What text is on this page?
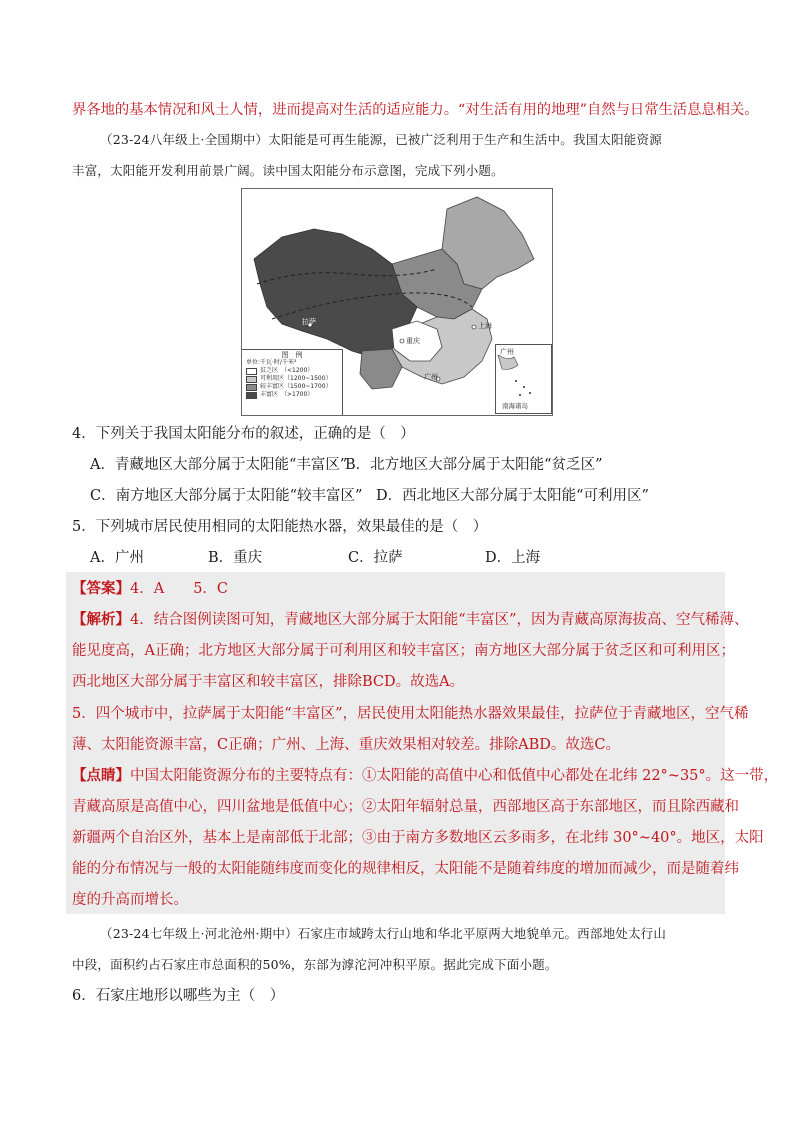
界各地的基本情况和风土人情，进而提高对生活的适应能力。“对生活有用的地理”自然与日常生活息息相关。
（23-24八年级上·全国期中）太阳能是可再生能源，已被广泛利用于生产和生活中。我国太阳能资源
丰富，太阳能开发利用前景广阔。读中国太阳能分布示意图，完成下列小题。
拉萨
重庆
上海
广州
图　例
单位:千瓦·时/千米²
贫乏区　（<1200）
可利用区（1200~1500）
较丰富区（1500~1700）
丰富区　（>1700）
广州
南海诸岛
4．下列关于我国太阳能分布的叙述，正确的是（　）
A．青藏地区大部分属于太阳能“丰富区”
B．北方地区大部分属于太阳能“贫乏区”
C．南方地区大部分属于太阳能“较丰富区” D．西北地区大部分属于太阳能“可利用区”
5．下列城市居民使用相同的太阳能热水器，效果最佳的是（　）
A．广州	B．重庆	C．拉萨	D．上海
【答案】4．A　　5．C
【解析】4．结合图例读图可知，青藏地区大部分属于太阳能“丰富区”，因为青藏高原海拔高、空气稀薄、
能见度高，A正确；北方地区大部分属于可利用区和较丰富区；南方地区大部分属于贫乏区和可利用区；
西北地区大部分属于丰富区和较丰富区，排除BCD。故选A。
5．四个城市中，拉萨属于太阳能“丰富区”，居民使用太阳能热水器效果最佳，拉萨位于青藏地区，空气稀
薄、太阳能资源丰富，C正确；广州、上海、重庆效果相对较差。排除ABD。故选C。
【点睛】中国太阳能资源分布的主要特点有：①太阳能的高值中心和低值中心都处在北纬 22°~35°。这一带，
青藏高原是高值中心，四川盆地是低值中心；②太阳年辐射总量，西部地区高于东部地区，而且除西藏和
新疆两个自治区外，基本上是南部低于北部；③由于南方多数地区云多雨多，在北纬 30°~40°。地区，太阳
能的分布情况与一般的太阳能随纬度而变化的规律相反，太阳能不是随着纬度的增加而减少，而是随着纬
度的升高而增长。
（23-24七年级上·河北沧州·期中）石家庄市域跨太行山地和华北平原两大地貌单元。西部地处太行山
中段，面积约占石家庄市总面积的50%，东部为滹沱河冲积平原。据此完成下面小题。
6．石家庄地形以哪些为主（　）
